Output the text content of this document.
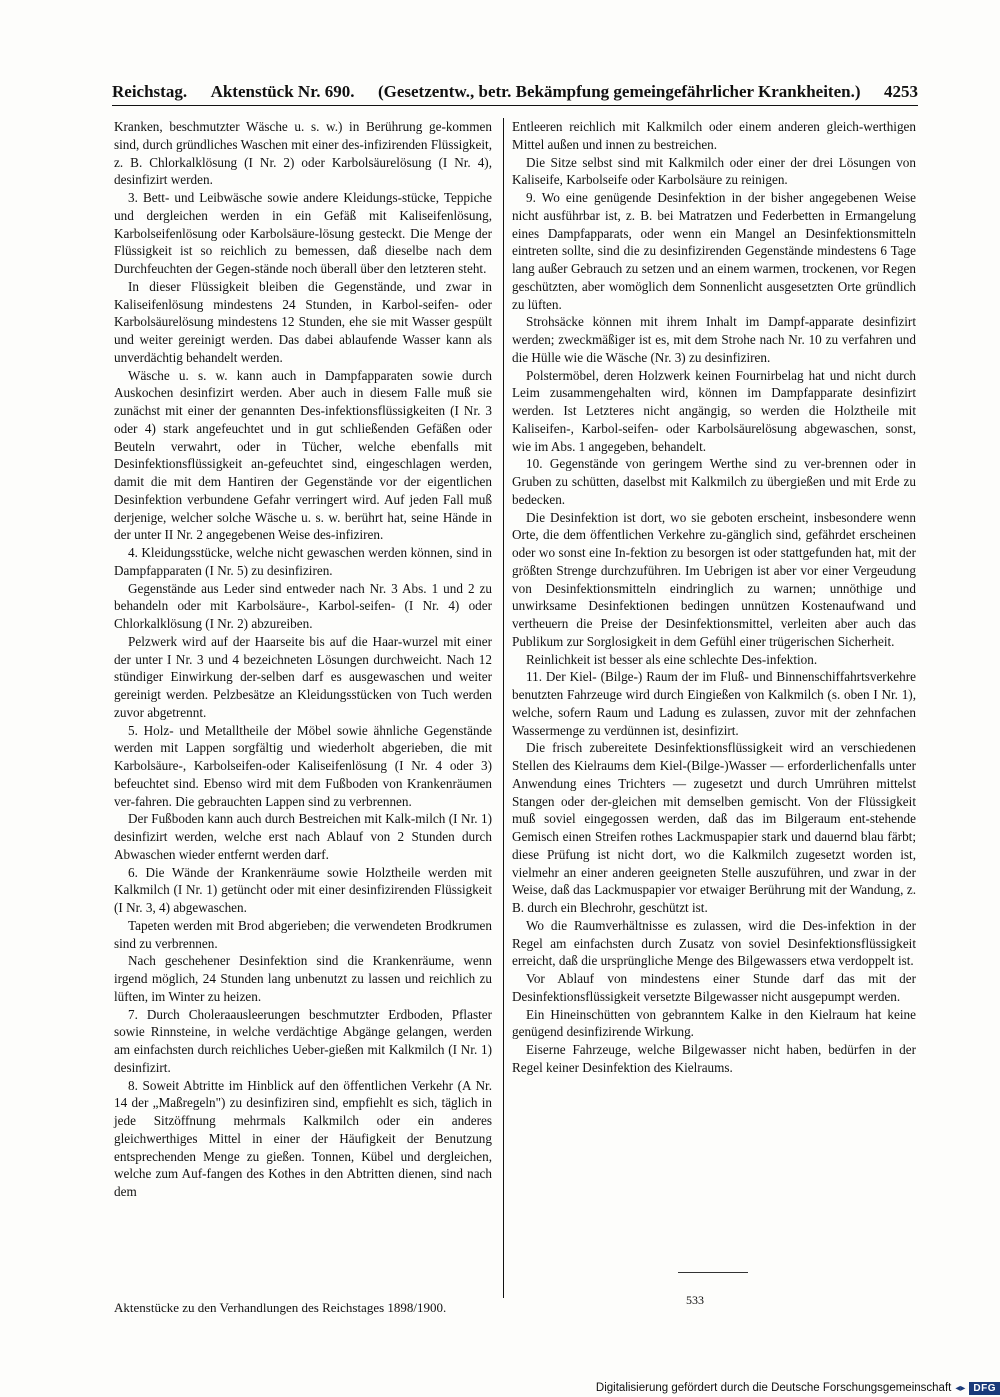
Reichstag. Aktenstück Nr. 690. (Gesetzentw., betr. Bekämpfung gemeingefährlicher Krankheiten.) 4253

Kranken, beschmutzter Wäsche u. s. w.) in Berührung ge-kommen sind, durch gründliches Waschen mit einer des-infizirenden Flüssigkeit, z. B. Chlorkalklösung (I Nr. 2) oder Karbolsäurelösung (I Nr. 4), desinfizirt werden.

3. Bett- und Leibwäsche sowie andere Kleidungs-stücke, Teppiche und dergleichen werden in ein Gefäß mit Kaliseifenlösung, Karbolseifenlösung oder Karbolsäure-lösung gesteckt. Die Menge der Flüssigkeit ist so reichlich zu bemessen, daß dieselbe nach dem Durchfeuchten der Gegen-stände noch überall über den letzteren steht.

In dieser Flüssigkeit bleiben die Gegenstände, und zwar in Kaliseifenlösung mindestens 24 Stunden, in Karbol-seifen- oder Karbolsäurelösung mindestens 12 Stunden, ehe sie mit Wasser gespült und weiter gereinigt werden. Das dabei ablaufende Wasser kann als unverdächtig behandelt werden.

Wäsche u. s. w. kann auch in Dampfapparaten sowie durch Auskochen desinfizirt werden. Aber auch in diesem Falle muß sie zunächst mit einer der genannten Des-infektionsflüssigkeiten (I Nr. 3 oder 4) stark angefeuchtet und in gut schließenden Gefäßen oder Beuteln verwahrt, oder in Tücher, welche ebenfalls mit Desinfektionsflüssigkeit an-gefeuchtet sind, eingeschlagen werden, damit die mit dem Hantiren der Gegenstände vor der eigentlichen Desinfektion verbundene Gefahr verringert wird. Auf jeden Fall muß derjenige, welcher solche Wäsche u. s. w. berührt hat, seine Hände in der unter II Nr. 2 angegebenen Weise des-infiziren.

4. Kleidungsstücke, welche nicht gewaschen werden können, sind in Dampfapparaten (I Nr. 5) zu desinfiziren.

Gegenstände aus Leder sind entweder nach Nr. 3 Abs. 1 und 2 zu behandeln oder mit Karbolsäure-, Karbol-seifen- (I Nr. 4) oder Chlorkalklösung (I Nr. 2) abzureiben.

Pelzwerk wird auf der Haarseite bis auf die Haar-wurzel mit einer der unter I Nr. 3 und 4 bezeichneten Lösungen durchweicht. Nach 12 stündiger Einwirkung der-selben darf es ausgewaschen und weiter gereinigt werden. Pelzbesätze an Kleidungsstücken von Tuch werden zuvor abgetrennt.

5. Holz- und Metalltheile der Möbel sowie ähnliche Gegenstände werden mit Lappen sorgfältig und wiederholt abgerieben, die mit Karbolsäure-, Karbolseifen-oder Kaliseifenlösung (I Nr. 4 oder 3) befeuchtet sind. Ebenso wird mit dem Fußboden von Krankenräumen ver-fahren. Die gebrauchten Lappen sind zu verbrennen.

Der Fußboden kann auch durch Bestreichen mit Kalk-milch (I Nr. 1) desinfizirt werden, welche erst nach Ablauf von 2 Stunden durch Abwaschen wieder entfernt werden darf.

6. Die Wände der Krankenräume sowie Holztheile werden mit Kalkmilch (I Nr. 1) getüncht oder mit einer desinfizirenden Flüssigkeit (I Nr. 3, 4) abgewaschen.

Tapeten werden mit Brod abgerieben; die verwendeten Brodkrumen sind zu verbrennen.

Nach geschehener Desinfektion sind die Krankenräume, wenn irgend möglich, 24 Stunden lang unbenutzt zu lassen und reichlich zu lüften, im Winter zu heizen.

7. Durch Choleraausleerungen beschmutzter Erdboden, Pflaster sowie Rinnsteine, in welche verdächtige Abgänge gelangen, werden am einfachsten durch reichliches Ueber-gießen mit Kalkmilch (I Nr. 1) desinfizirt.

8. Soweit Abtritte im Hinblick auf den öffentlichen Verkehr (A Nr. 14 der „Maßregeln") zu desinfiziren sind, empfiehlt es sich, täglich in jede Sitzöffnung mehrmals Kalkmilch oder ein anderes gleichwerthiges Mittel in einer der Häufigkeit der Benutzung entsprechenden Menge zu gießen. Tonnen, Kübel und dergleichen, welche zum Auf-fangen des Kothes in den Abtritten dienen, sind nach dem

Entleeren reichlich mit Kalkmilch oder einem anderen gleich-werthigen Mittel außen und innen zu bestreichen.

Die Sitze selbst sind mit Kalkmilch oder einer der drei Lösungen von Kaliseife, Karbolseife oder Karbolsäure zu reinigen.

9. Wo eine genügende Desinfektion in der bisher angegebenen Weise nicht ausführbar ist, z. B. bei Matratzen und Federbetten in Ermangelung eines Dampfapparats, oder wenn ein Mangel an Desinfektionsmitteln eintreten sollte, sind die zu desinfizirenden Gegenstände mindestens 6 Tage lang außer Gebrauch zu setzen und an einem warmen, trockenen, vor Regen geschützten, aber womöglich dem Sonnenlicht ausgesetzten Orte gründlich zu lüften.

Strohsäcke können mit ihrem Inhalt im Dampf-apparate desinfizirt werden; zweckmäßiger ist es, mit dem Strohe nach Nr. 10 zu verfahren und die Hülle wie die Wäsche (Nr. 3) zu desinfiziren.

Polstermöbel, deren Holzwerk keinen Fournirbelag hat und nicht durch Leim zusammengehalten wird, können im Dampfapparate desinfizirt werden. Ist Letzteres nicht angängig, so werden die Holztheile mit Kaliseifen-, Karbol-seifen- oder Karbolsäurelösung abgewaschen, sonst, wie im Abs. 1 angegeben, behandelt.

10. Gegenstände von geringem Werthe sind zu ver-brennen oder in Gruben zu schütten, daselbst mit Kalkmilch zu übergießen und mit Erde zu bedecken.

Die Desinfektion ist dort, wo sie geboten erscheint, insbesondere wenn Orte, die dem öffentlichen Verkehre zu-gänglich sind, gefährdet erscheinen oder wo sonst eine In-fektion zu besorgen ist oder stattgefunden hat, mit der größten Strenge durchzuführen. Im Uebrigen ist aber vor einer Vergeudung von Desinfektionsmitteln eindringlich zu warnen; unnöthige und unwirksame Desinfektionen bedingen unnützen Kostenaufwand und vertheuern die Preise der Desinfektionsmittel, verleiten aber auch das Publikum zur Sorglosigkeit in dem Gefühl einer trügerischen Sicherheit.

Reinlichkeit ist besser als eine schlechte Des-infektion.

11. Der Kiel- (Bilge-) Raum der im Fluß- und Binnenschiffahrtsverkehre benutzten Fahrzeuge wird durch Eingießen von Kalkmilch (s. oben I Nr. 1), welche, sofern Raum und Ladung es zulassen, zuvor mit der zehnfachen Wassermenge zu verdünnen ist, desinfizirt.

Die frisch zubereitete Desinfektionsflüssigkeit wird an verschiedenen Stellen des Kielraums dem Kiel-(Bilge-)Wasser — erforderlichenfalls unter Anwendung eines Trichters — zugesetzt und durch Umrühren mittelst Stangen oder der-gleichen mit demselben gemischt. Von der Flüssigkeit muß soviel eingegossen werden, daß das im Bilgeraum ent-stehende Gemisch einen Streifen rothes Lackmuspapier stark und dauernd blau färbt; diese Prüfung ist nicht dort, wo die Kalkmilch zugesetzt worden ist, vielmehr an einer anderen geeigneten Stelle auszuführen, und zwar in der Weise, daß das Lackmuspapier vor etwaiger Berührung mit der Wandung, z. B. durch ein Blechrohr, geschützt ist.

Wo die Raumverhältnisse es zulassen, wird die Des-infektion in der Regel am einfachsten durch Zusatz von soviel Desinfektionsflüssigkeit erreicht, daß die ursprüngliche Menge des Bilgewassers etwa verdoppelt ist.

Vor Ablauf von mindestens einer Stunde darf das mit der Desinfektionsflüssigkeit versetzte Bilgewasser nicht ausgepumpt werden.

Ein Hineinschütten von gebranntem Kalke in den Kielraum hat keine genügend desinfizirende Wirkung.

Eiserne Fahrzeuge, welche Bilgewasser nicht haben, bedürfen in der Regel keiner Desinfektion des Kielraums.

Aktenstücke zu den Verhandlungen des Reichstages 1898/1900.	533
Digitalisierung gefördert durch die Deutsche Forschungsgemeinschaft ◂▸ DFG
